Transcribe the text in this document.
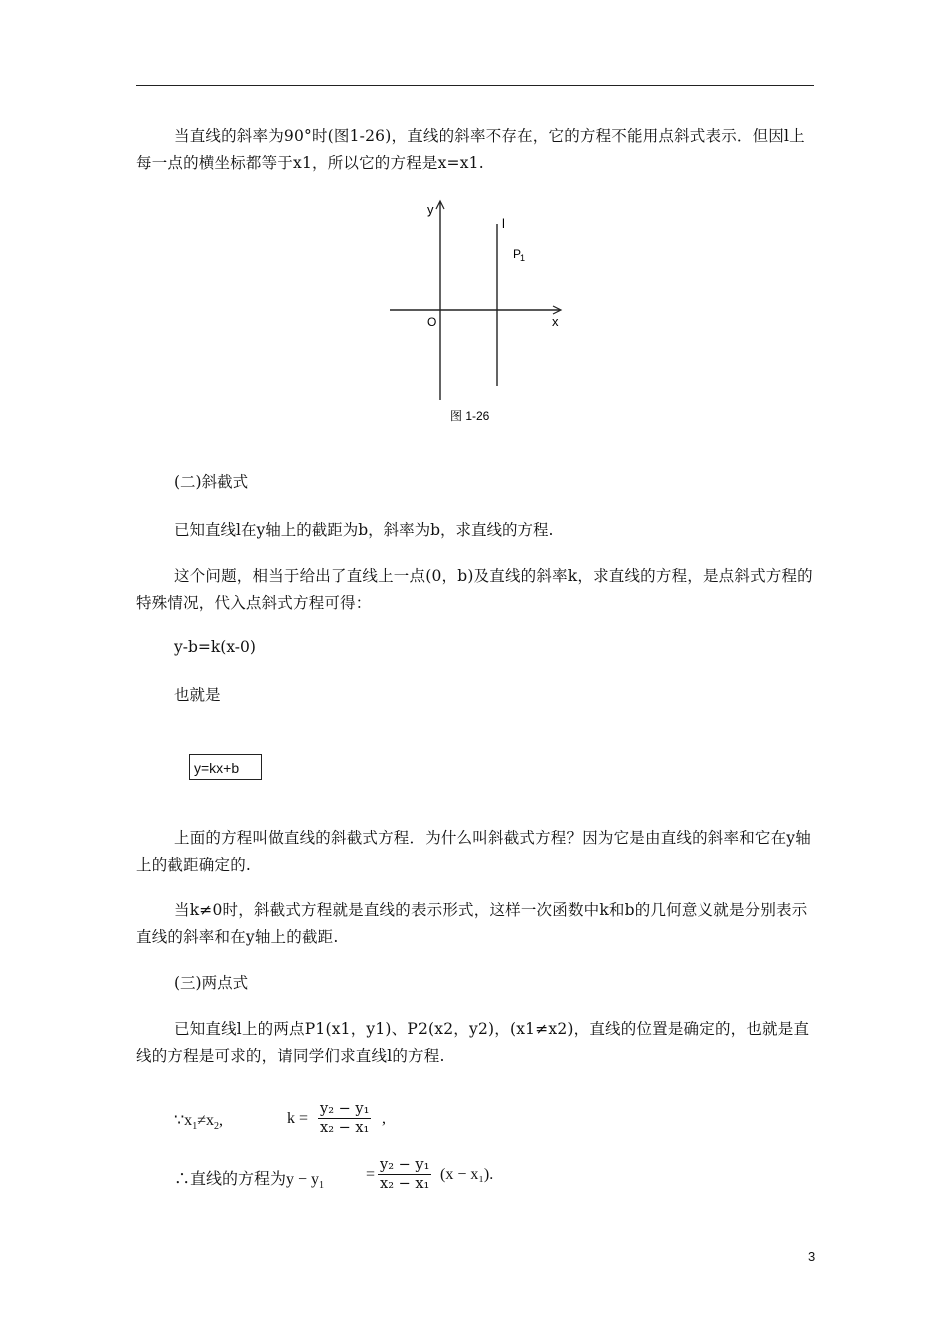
当直线的斜率为90°时(图1-26)，直线的斜率不存在，它的方程不能用点斜式表示．但因l上每一点的横坐标都等于x1，所以它的方程是x=x1.
y
x
O
l
P
1
图 1-26
(二)斜截式
已知直线l在y轴上的截距为b，斜率为b，求直线的方程.
这个问题，相当于给出了直线上一点(0，b)及直线的斜率k，求直线的方程，是点斜式方程的特殊情况，代入点斜式方程可得：
y-b=k(x-0)
也就是
y=kx+b
上面的方程叫做直线的斜截式方程．为什么叫斜截式方程？因为它是由直线的斜率和它在y轴上的截距确定的.
当k≠0时，斜截式方程就是直线的表示形式，这样一次函数中k和b的几何意义就是分别表示直线的斜率和在y轴上的截距.
(三)两点式
已知直线l上的两点P1(x1，y1)、P2(x2，y2)，(x1≠x2)，直线的位置是确定的，也就是直线的方程是可求的，请同学们求直线l的方程.
$\because x_1\ne x_2$,	$k = \frac{\text{y₂ − y₁}}{\text{x₂ − x₁}}$ ,
∴直线的方程为$y - y_1$
= $\frac{\text{y₂ − y₁}}{\text{x₂ − x₁}} (x - x_1)$.
3
